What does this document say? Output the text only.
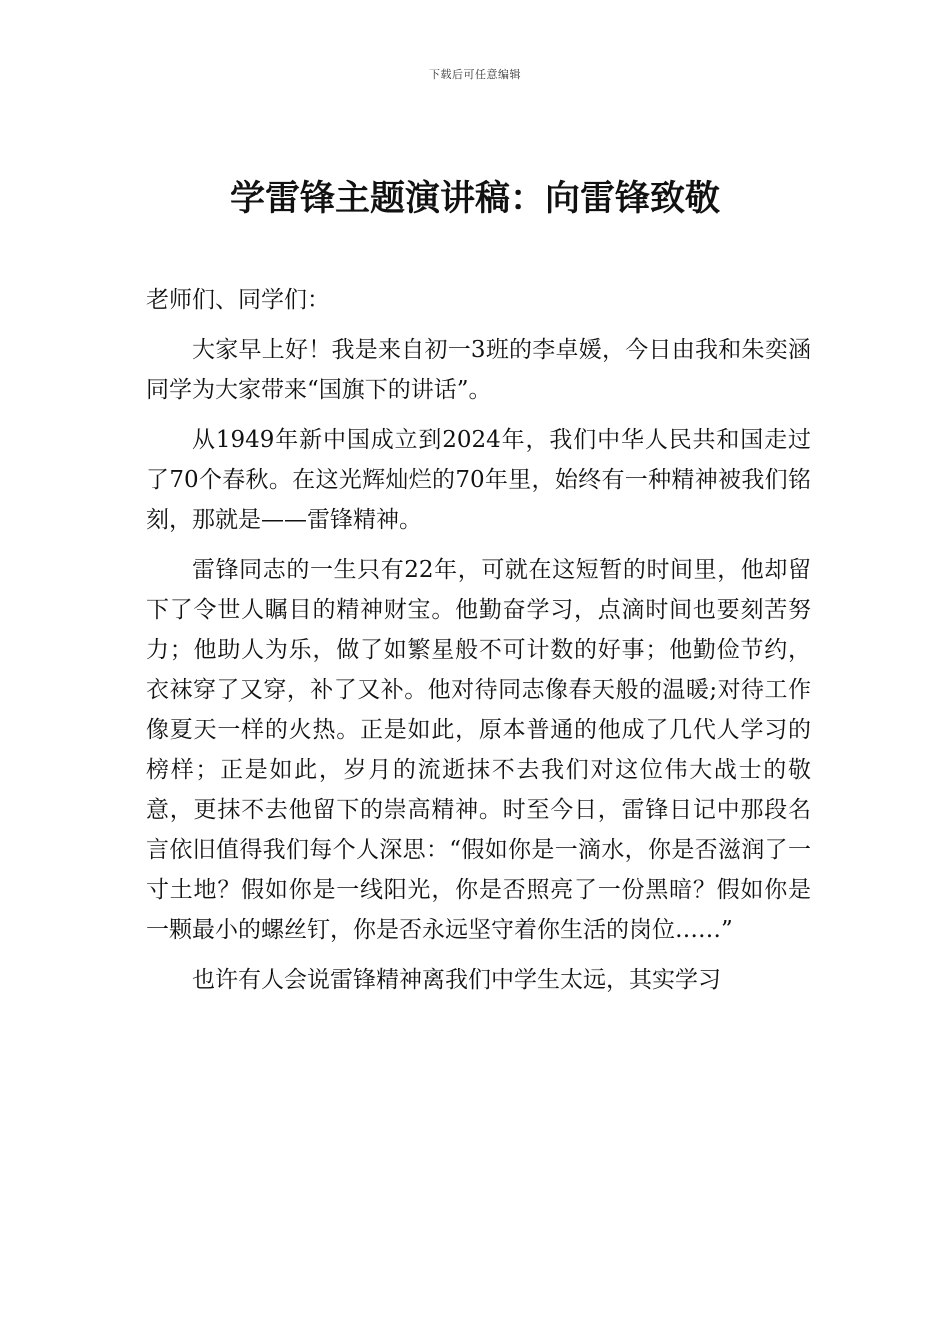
下载后可任意编辑
学雷锋主题演讲稿：向雷锋致敬

老师们、同学们：

大家早上好！我是来自初一3班的李卓媛，今日由我和朱奕涵同学为大家带来“国旗下的讲话”。

从1949年新中国成立到2024年，我们中华人民共和国走过了70个春秋。在这光辉灿烂的70年里，始终有一种精神被我们铭刻，那就是——雷锋精神。

雷锋同志的一生只有22年，可就在这短暂的时间里，他却留下了令世人瞩目的精神财宝。他勤奋学习，点滴时间也要刻苦努力；他助人为乐，做了如繁星般不可计数的好事；他勤俭节约，衣袜穿了又穿，补了又补。他对待同志像春天般的温暖;对待工作像夏天一样的火热。正是如此，原本普通的他成了几代人学习的榜样；正是如此，岁月的流逝抹不去我们对这位伟大战士的敬意，更抹不去他留下的崇高精神。时至今日，雷锋日记中那段名言依旧值得我们每个人深思：“假如你是一滴水，你是否滋润了一寸土地？假如你是一线阳光，你是否照亮了一份黑暗？假如你是一颗最小的螺丝钉，你是否永远坚守着你生活的岗位……”

也许有人会说雷锋精神离我们中学生太远，其实学习
